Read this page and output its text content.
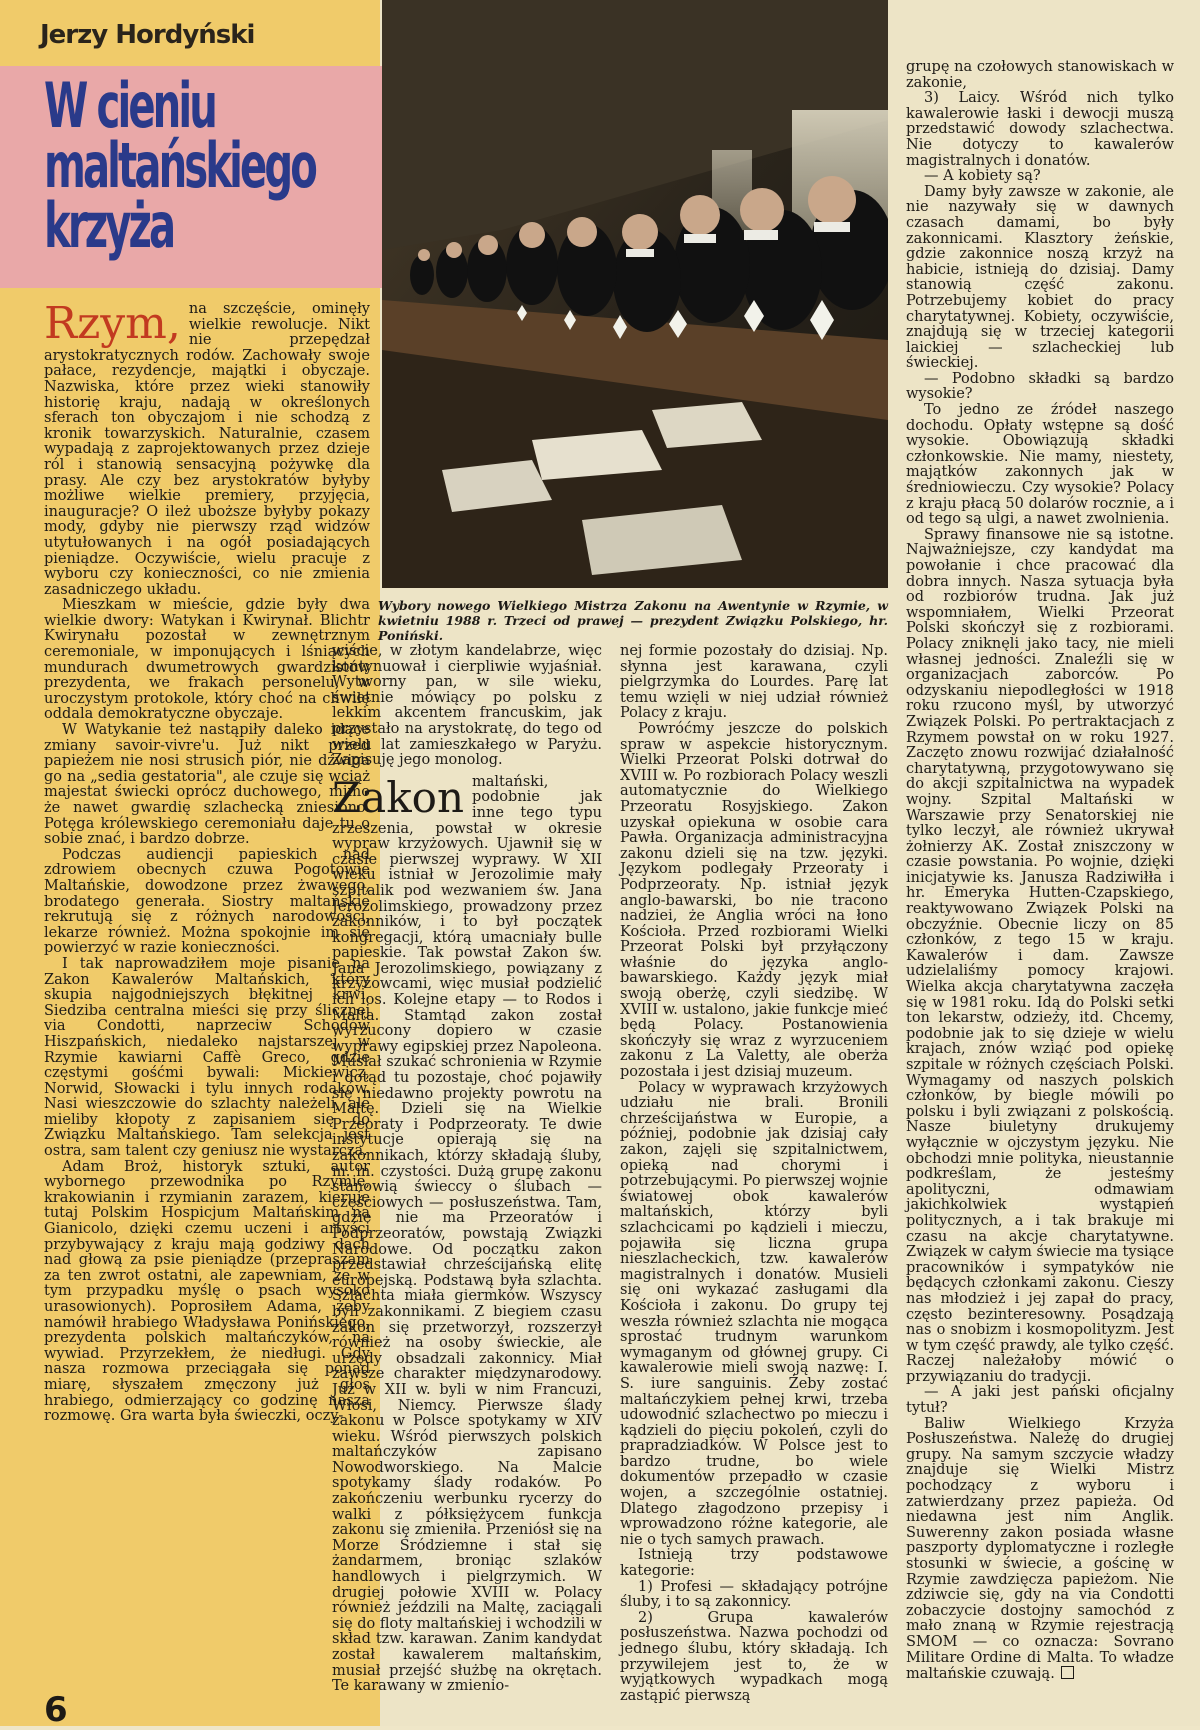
Jerzy Hordyński
W cieniu
maltańskiego
krzyża
Wybory nowego Wielkiego Mistrza Zakonu na Awentynie w Rzymie, w kwietniu 1988 r. Trzeci od prawej — prezydent Związku Polskiego, hr. Poniński.

Rzym, na szczęście, ominęły wielkie rewolucje. Nikt nie przepędzał arystokratycznych rodów. Zachowały swoje pałace, rezydencje, majątki i obyczaje. Nazwiska, które przez wieki stanowiły historię kraju, nadają w określonych sferach ton obyczajom i nie schodzą z kronik towarzyskich. Naturalnie, czasem wypadają z zaprojektowanych przez dzieje ról i stanowią sensacyjną pożywkę dla prasy. Ale czy bez arystokratów byłyby możliwe wielkie premiery, przyjęcia, inauguracje? O ileż uboższe byłyby pokazy mody, gdyby nie pierwszy rząd widzów utytułowanych i na ogół posiadających pieniądze. Oczywiście, wielu pracuje z wyboru czy konieczności, co nie zmienia zasadniczego układu.

Mieszkam w mieście, gdzie były dwa wielkie dwory: Watykan i Kwirynał. Blichtr Kwirynału pozostał w zewnętrznym ceremoniale, w imponujących i lśniących mundurach dwumetrowych gwardzistów prezydenta, we frakach personelu, w uroczystym protokole, który choć na chwilę oddala demokratyczne obyczaje.

W Watykanie też nastąpiły daleko idące zmiany savoir-vivre'u. Już nikt przed papieżem nie nosi strusich piór, nie dźwiga go na „sedia gestatoria", ale czuje się wciąż majestat świecki oprócz duchowego, mimo że nawet gwardię szlachecką zniesiono. Potęga królewskiego ceremoniału daje tu o sobie znać, i bardzo dobrze.

Podczas audiencji papieskich nad zdrowiem obecnych czuwa Pogotowie Maltańskie, dowodzone przez żwawego, brodatego generała. Siostry maltańskie rekrutują się z różnych narodowości, lekarze również. Można spokojnie im się powierzyć w razie konieczności.

I tak naprowadziłem moje pisanie na Zakon Kawalerów Maltańskich, który skupia najgodniejszych błękitnej krwi. Siedziba centralna mieści się przy ślicznej via Condotti, naprzeciw Schodów Hiszpańskich, niedaleko najstarszej w Rzymie kawiarni Caffè Greco, gdzie częstymi gośćmi bywali: Mickiewicz, Norwid, Słowacki i tylu innych rodaków. Nasi wieszczowie do szlachty należeli, ale mieliby kłopoty z zapisaniem się do Związku Maltańskiego. Tam selekcja jest ostra, sam talent czy geniusz nie wystarcza.

Adam Broż, historyk sztuki, autor wybornego przewodnika po Rzymie, krakowianin i rzymianin zarazem, kieruje tutaj Polskim Hospicjum Maltańskim na Gianicolo, dzięki czemu uczeni i artyści przybywający z kraju mają godziwy dach nad głową za psie pieniądze (przepraszam za ten zwrot ostatni, ale zapewniam, że w tym przypadku myślę o psach wysoko urasowionych). Poprosiłem Adama, żeby namówił hrabiego Władysława Ponińskiego, prezydenta polskich maltańczyków, na wywiad. Przyrzekłem, że niedługi. Gdy nasza rozmowa przeciągała się ponad miarę, słyszałem zmęczony już głos hrabiego, odmierzający co godzinę nasza rozmowę. Gra warta była świeczki, oczy-

wiście, w złotym kandelabrze, więc kontynuował i cierpliwie wyjaśniał. Wytworny pan, w sile wieku, świetnie mówiący po polsku z lekkim akcentem francuskim, jak przystało na arystokratę, do tego od wielu lat zamieszkałego w Paryżu. Zapisuję jego monolog.

Zakon maltański, podobnie jak inne tego typu zrzeszenia, powstał w okresie wypraw krzyżowych. Ujawnił się w czasie pierwszej wyprawy. W XII wieku istniał w Jerozolimie mały szpitalik pod wezwaniem św. Jana Jerozolimskiego, prowadzony przez zakonników, i to był początek kongregacji, którą umacniały bulle papieskie. Tak powstał Zakon św. Jana Jerozolimskiego, powiązany z krzyżowcami, więc musiał podzielić ich los. Kolejne etapy — to Rodos i Malta. Stamtąd zakon został wyrzucony dopiero w czasie wyprawy egipskiej przez Napoleona. Musiał szukać schronienia w Rzymie i dotąd tu pozostaje, choć pojawiły się niedawno projekty powrotu na Maltę. Dzieli się na Wielkie Przeoraty i Podprzeoraty. Te dwie instytucje opierają się na zakonnikach, którzy składają śluby, m. in. czystości. Dużą grupę zakonu stanowią świeccy o ślubach — częściowych — posłuszeństwa. Tam, gdzie nie ma Przeoratów i Podprzeoratów, powstają Związki Narodowe. Od początku zakon przedstawiał chrześcijańską elitę europejską. Podstawą była szlachta. Szlachta miała giermków. Wszyscy byli zakonnikami. Z biegiem czasu zakon się przetworzył, rozszerzył również na osoby świeckie, ale urzędy obsadzali zakonnicy. Miał zawsze charakter międzynarodowy. Już w XII w. byli w nim Francuzi, Włosi, Niemcy. Pierwsze ślady zakonu w Polsce spotykamy w XIV wieku. Wśród pierwszych polskich maltańczyków zapisano Nowodworskiego. Na Malcie spotykamy ślady rodaków. Po zakończeniu werbunku rycerzy do walki z półksiężycem funkcja zakonu się zmieniła. Przeniósł się na Morze Śródziemne i stał się żandarmem, broniąc szlaków handlowych i pielgrzymich. W drugiej połowie XVIII w. Polacy również jeździli na Maltę, zaciągali się do floty maltańskiej i wchodzili w skład tzw. karawan. Zanim kandydat został kawalerem maltańskim, musiał przejść służbę na okrętach. Te karawany w zmienio-

nej formie pozostały do dzisiaj. Np. słynna jest karawana, czyli pielgrzymka do Lourdes. Parę lat temu wzięli w niej udział również Polacy z kraju.

Powróćmy jeszcze do polskich spraw w aspekcie historycznym. Wielki Przeorat Polski dotrwał do XVIII w. Po rozbiorach Polacy weszli automatycznie do Wielkiego Przeoratu Rosyjskiego. Zakon uzyskał opiekuna w osobie cara Pawła. Organizacja administracyjna zakonu dzieli się na tzw. języki. Językom podlegały Przeoraty i Podprzeoraty. Np. istniał język anglo-bawarski, bo nie tracono nadziei, że Anglia wróci na łono Kościoła. Przed rozbiorami Wielki Przeorat Polski był przyłączony właśnie do języka anglo-bawarskiego. Każdy język miał swoją oberżę, czyli siedzibę. W XVIII w. ustalono, jakie funkcje mieć będą Polacy. Postanowienia skończyły się wraz z wyrzuceniem zakonu z La Valetty, ale oberża pozostała i jest dzisiaj muzeum.

Polacy w wyprawach krzyżowych udziału nie brali. Bronili chrześcijaństwa w Europie, a później, podobnie jak dzisiaj cały zakon, zajęli się szpitalnictwem, opieką nad chorymi i potrzebującymi. Po pierwszej wojnie światowej obok kawalerów maltańskich, którzy byli szlachcicami po kądzieli i mieczu, pojawiła się liczna grupa nieszlacheckich, tzw. kawalerów magistralnych i donatów. Musieli się oni wykazać zasługami dla Kościoła i zakonu. Do grupy tej weszła również szlachta nie mogąca sprostać trudnym warunkom wymaganym od głównej grupy. Ci kawalerowie mieli swoją nazwę: I. S. iure sanguinis. Żeby zostać maltańczykiem pełnej krwi, trzeba udowodnić szlachectwo po mieczu i kądzieli do pięciu pokoleń, czyli do prapradziadków. W Polsce jest to bardzo trudne, bo wiele dokumentów przepadło w czasie wojen, a szczególnie ostatniej. Dlatego złagodzono przepisy i wprowadzono różne kategorie, ale nie o tych samych prawach.

Istnieją trzy podstawowe kategorie:

1) Profesi — składający potrójne śluby, i to są zakonnicy.

2) Grupa kawalerów posłuszeństwa. Nazwa pochodzi od jednego ślubu, który składają. Ich przywilejem jest to, że w wyjątkowych wypadkach mogą zastąpić pierwszą

grupę na czołowych stanowiskach w zakonie,

3) Laicy. Wśród nich tylko kawalerowie łaski i dewocji muszą przedstawić dowody szlachectwa. Nie dotyczy to kawalerów magistralnych i donatów.

— A kobiety są?

Damy były zawsze w zakonie, ale nie nazywały się w dawnych czasach damami, bo były zakonnicami. Klasztory żeńskie, gdzie zakonnice noszą krzyż na habicie, istnieją do dzisiaj. Damy stanowią część zakonu. Potrzebujemy kobiet do pracy charytatywnej. Kobiety, oczywiście, znajdują się w trzeciej kategorii laickiej — szlacheckiej lub świeckiej.

— Podobno składki są bardzo wysokie?

To jedno ze źródeł naszego dochodu. Opłaty wstępne są dość wysokie. Obowiązują składki członkowskie. Nie mamy, niestety, majątków zakonnych jak w średniowieczu. Czy wysokie? Polacy z kraju płacą 50 dolarów rocznie, a i od tego są ulgi, a nawet zwolnienia.

Sprawy finansowe nie są istotne. Najważniejsze, czy kandydat ma powołanie i chce pracować dla dobra innych. Nasza sytuacja była od rozbiorów trudna. Jak już wspomniałem, Wielki Przeorat Polski skończył się z rozbiorami. Polacy zniknęli jako tacy, nie mieli własnej jedności. Znaleźli się w organizacjach zaborców. Po odzyskaniu niepodległości w 1918 roku rzucono myśl, by utworzyć Związek Polski. Po pertraktacjach z Rzymem powstał on w roku 1927. Zaczęto znowu rozwijać działalność charytatywną, przygotowywano się do akcji szpitalnictwa na wypadek wojny. Szpital Maltański w Warszawie przy Senatorskiej nie tylko leczył, ale również ukrywał żołnierzy AK. Został zniszczony w czasie powstania. Po wojnie, dzięki inicjatywie ks. Janusza Radziwiłła i hr. Emeryka Hutten-Czapskiego, reaktywowano Związek Polski na obczyźnie. Obecnie liczy on 85 członków, z tego 15 w kraju. Kawalerów i dam. Zawsze udzielaliśmy pomocy krajowi. Wielka akcja charytatywna zaczęła się w 1981 roku. Idą do Polski setki ton lekarstw, odzieży, itd. Chcemy, podobnie jak to się dzieje w wielu krajach, znów wziąć pod opiekę szpitale w różnych częściach Polski. Wymagamy od naszych polskich członków, by biegle mówili po polsku i byli związani z polskością. Nasze biuletyny drukujemy wyłącznie w ojczystym języku. Nie obchodzi mnie polityka, nieustannie podkreślam, że jesteśmy apolityczni, odmawiam jakichkolwiek wystąpień politycznych, a i tak brakuje mi czasu na akcje charytatywne. Związek w całym świecie ma tysiące pracowników i sympatyków nie będących członkami zakonu. Cieszy nas młodzież i jej zapał do pracy, często bezinteresowny. Posądzają nas o snobizm i kosmopolityzm. Jest w tym część prawdy, ale tylko część. Raczej należałoby mówić o przywiązaniu do tradycji.

— A jaki jest pański oficjalny tytuł?

Baliw Wielkiego Krzyża Posłuszeństwa. Należę do drugiej grupy. Na samym szczycie władzy znajduje się Wielki Mistrz pochodzący z wyboru i zatwierdzany przez papieża. Od niedawna jest nim Anglik. Suwerenny zakon posiada własne paszporty dyplomatyczne i rozległe stosunki w świecie, a gościnę w Rzymie zawdzięcza papieżom. Nie zdziwcie się, gdy na via Condotti zobaczycie dostojny samochód z mało znaną w Rzymie rejestracją SMOM — co oznacza: Sovrano Militare Ordine di Malta. To władze maltańskie czuwają.

6
